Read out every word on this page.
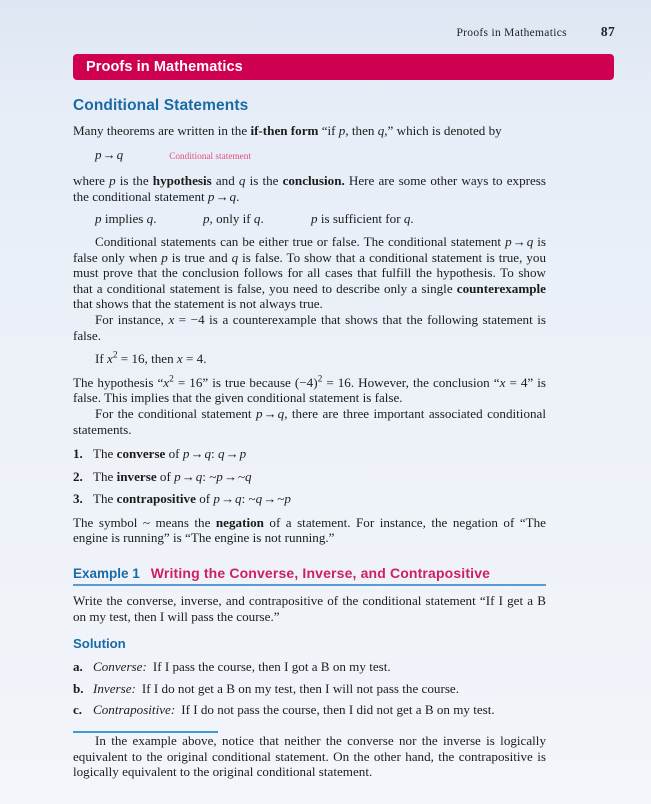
Proofs in Mathematics	87
Proofs in Mathematics
Conditional Statements

Many theorems are written in the if-then form “if p, then q,” which is denoted by

p→q	Conditional statement

where p is the hypothesis and q is the conclusion. Here are some other ways to express the conditional statement p→q.

p implies q.	p, only if q.	p is sufficient for q.

Conditional statements can be either true or false. The conditional statement p→q is false only when p is true and q is false. To show that a conditional statement is true, you must prove that the conclusion follows for all cases that fulfill the hypothesis. To show that a conditional statement is false, you need to describe only a single counterexample that shows that the statement is not always true.

For instance, x = −4 is a counterexample that shows that the following statement is false.

If $x^2 = 16$, then x = 4.

The hypothesis “$x^2 = 16$” is true because $(-4)^2 = 16$. However, the conclusion “x = 4” is false. This implies that the given conditional statement is false.

For the conditional statement p→q, there are three important associated conditional statements.

1. The converse of p→q: q→p
2. The inverse of p→q: ~p→~q
3. The contrapositive of p→q: ~q→~p

The symbol ~ means the negation of a statement. For instance, the negation of “The engine is running” is “The engine is not running.”

Example 1 Writing the Converse, Inverse, and Contrapositive

Write the converse, inverse, and contrapositive of the conditional statement “If I get a B on my test, then I will pass the course.”

Solution
a. Converse: If I pass the course, then I got a B on my test.
b. Inverse: If I do not get a B on my test, then I will not pass the course.
c. Contrapositive: If I do not pass the course, then I did not get a B on my test.

In the example above, notice that neither the converse nor the inverse is logically equivalent to the original conditional statement. On the other hand, the contrapositive is logically equivalent to the original conditional statement.
